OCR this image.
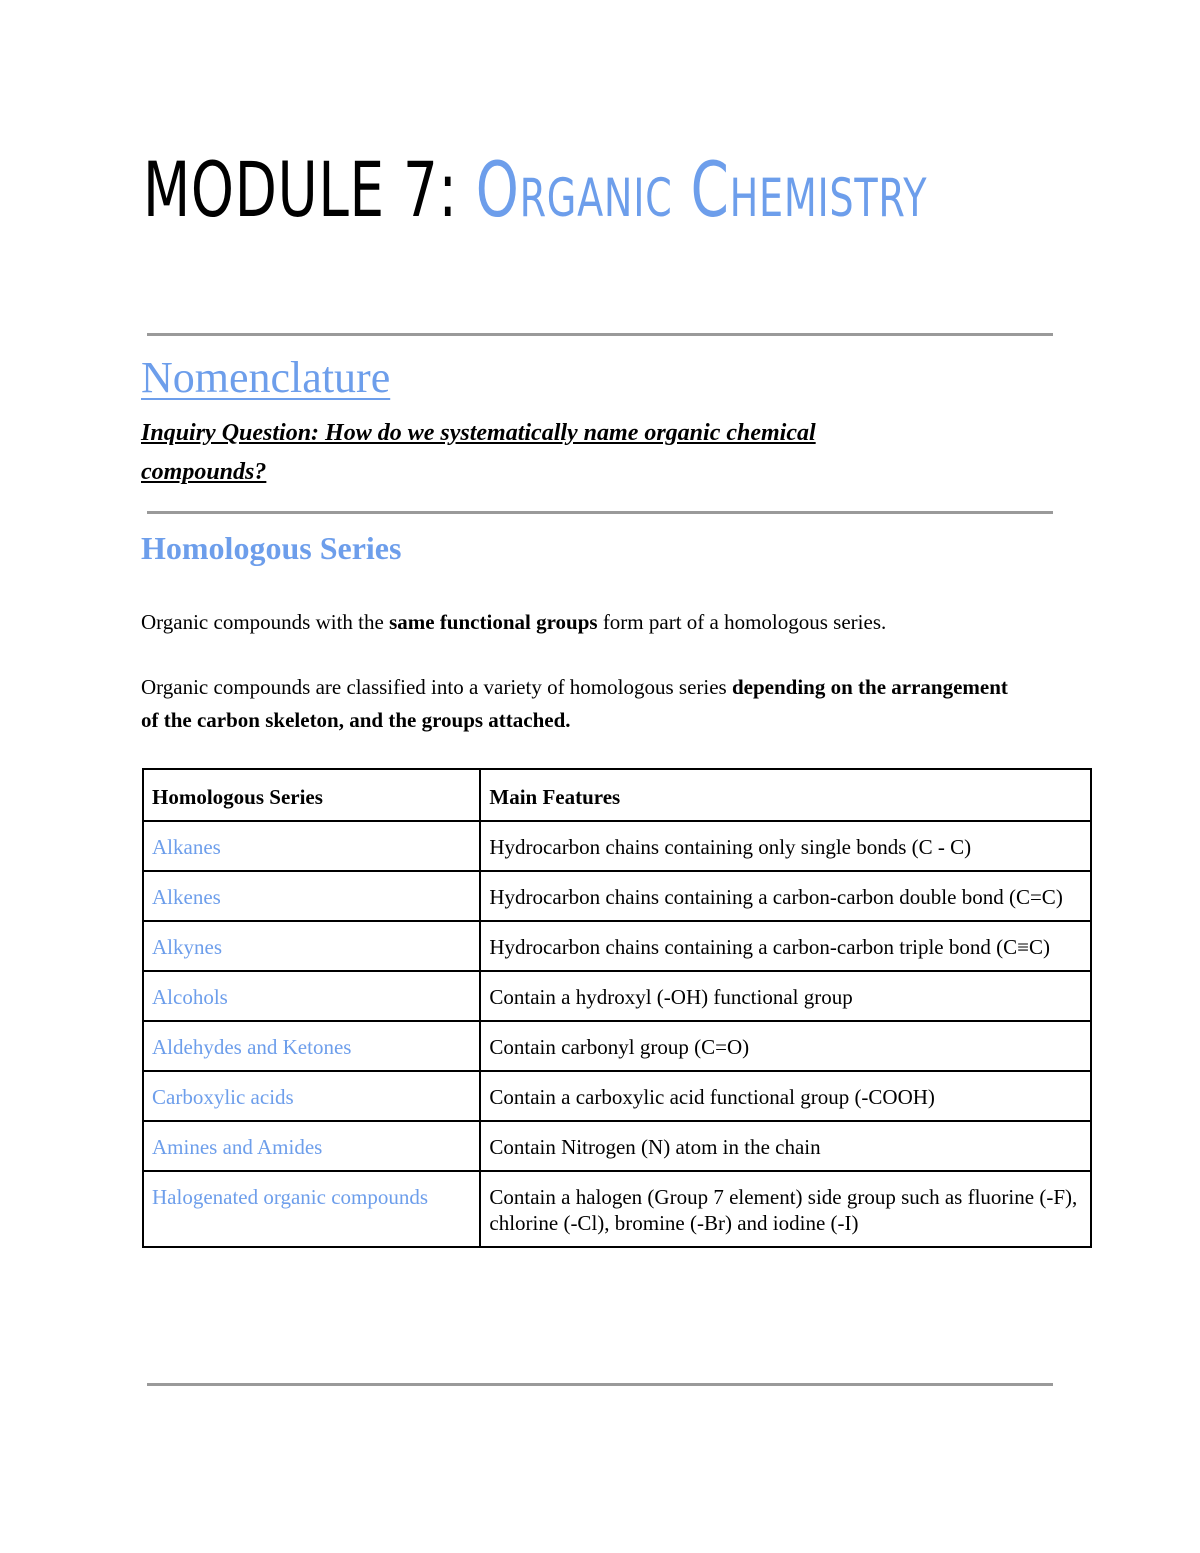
MODULE 7: Organic Chemistry
Nomenclature
Inquiry Question: How do we systematically name organic chemical compounds?
Homologous Series

Organic compounds with the same functional groups form part of a homologous series.

Organic compounds are classified into a variety of homologous series depending on the arrangement of the carbon skeleton, and the groups attached.

Homologous Series	Main Features
Alkanes	Hydrocarbon chains containing only single bonds (C - C)
Alkenes	Hydrocarbon chains containing a carbon-carbon double bond (C=C)
Alkynes	Hydrocarbon chains containing a carbon-carbon triple bond (C≡C)
Alcohols	Contain a hydroxyl (-OH) functional group
Aldehydes and Ketones	Contain carbonyl group (C=O)
Carboxylic acids	Contain a carboxylic acid functional group (-COOH)
Amines and Amides	Contain Nitrogen (N) atom in the chain
Halogenated organic compounds	Contain a halogen (Group 7 element) side group such as fluorine (-F), chlorine (-Cl), bromine (-Br) and iodine (-I)
